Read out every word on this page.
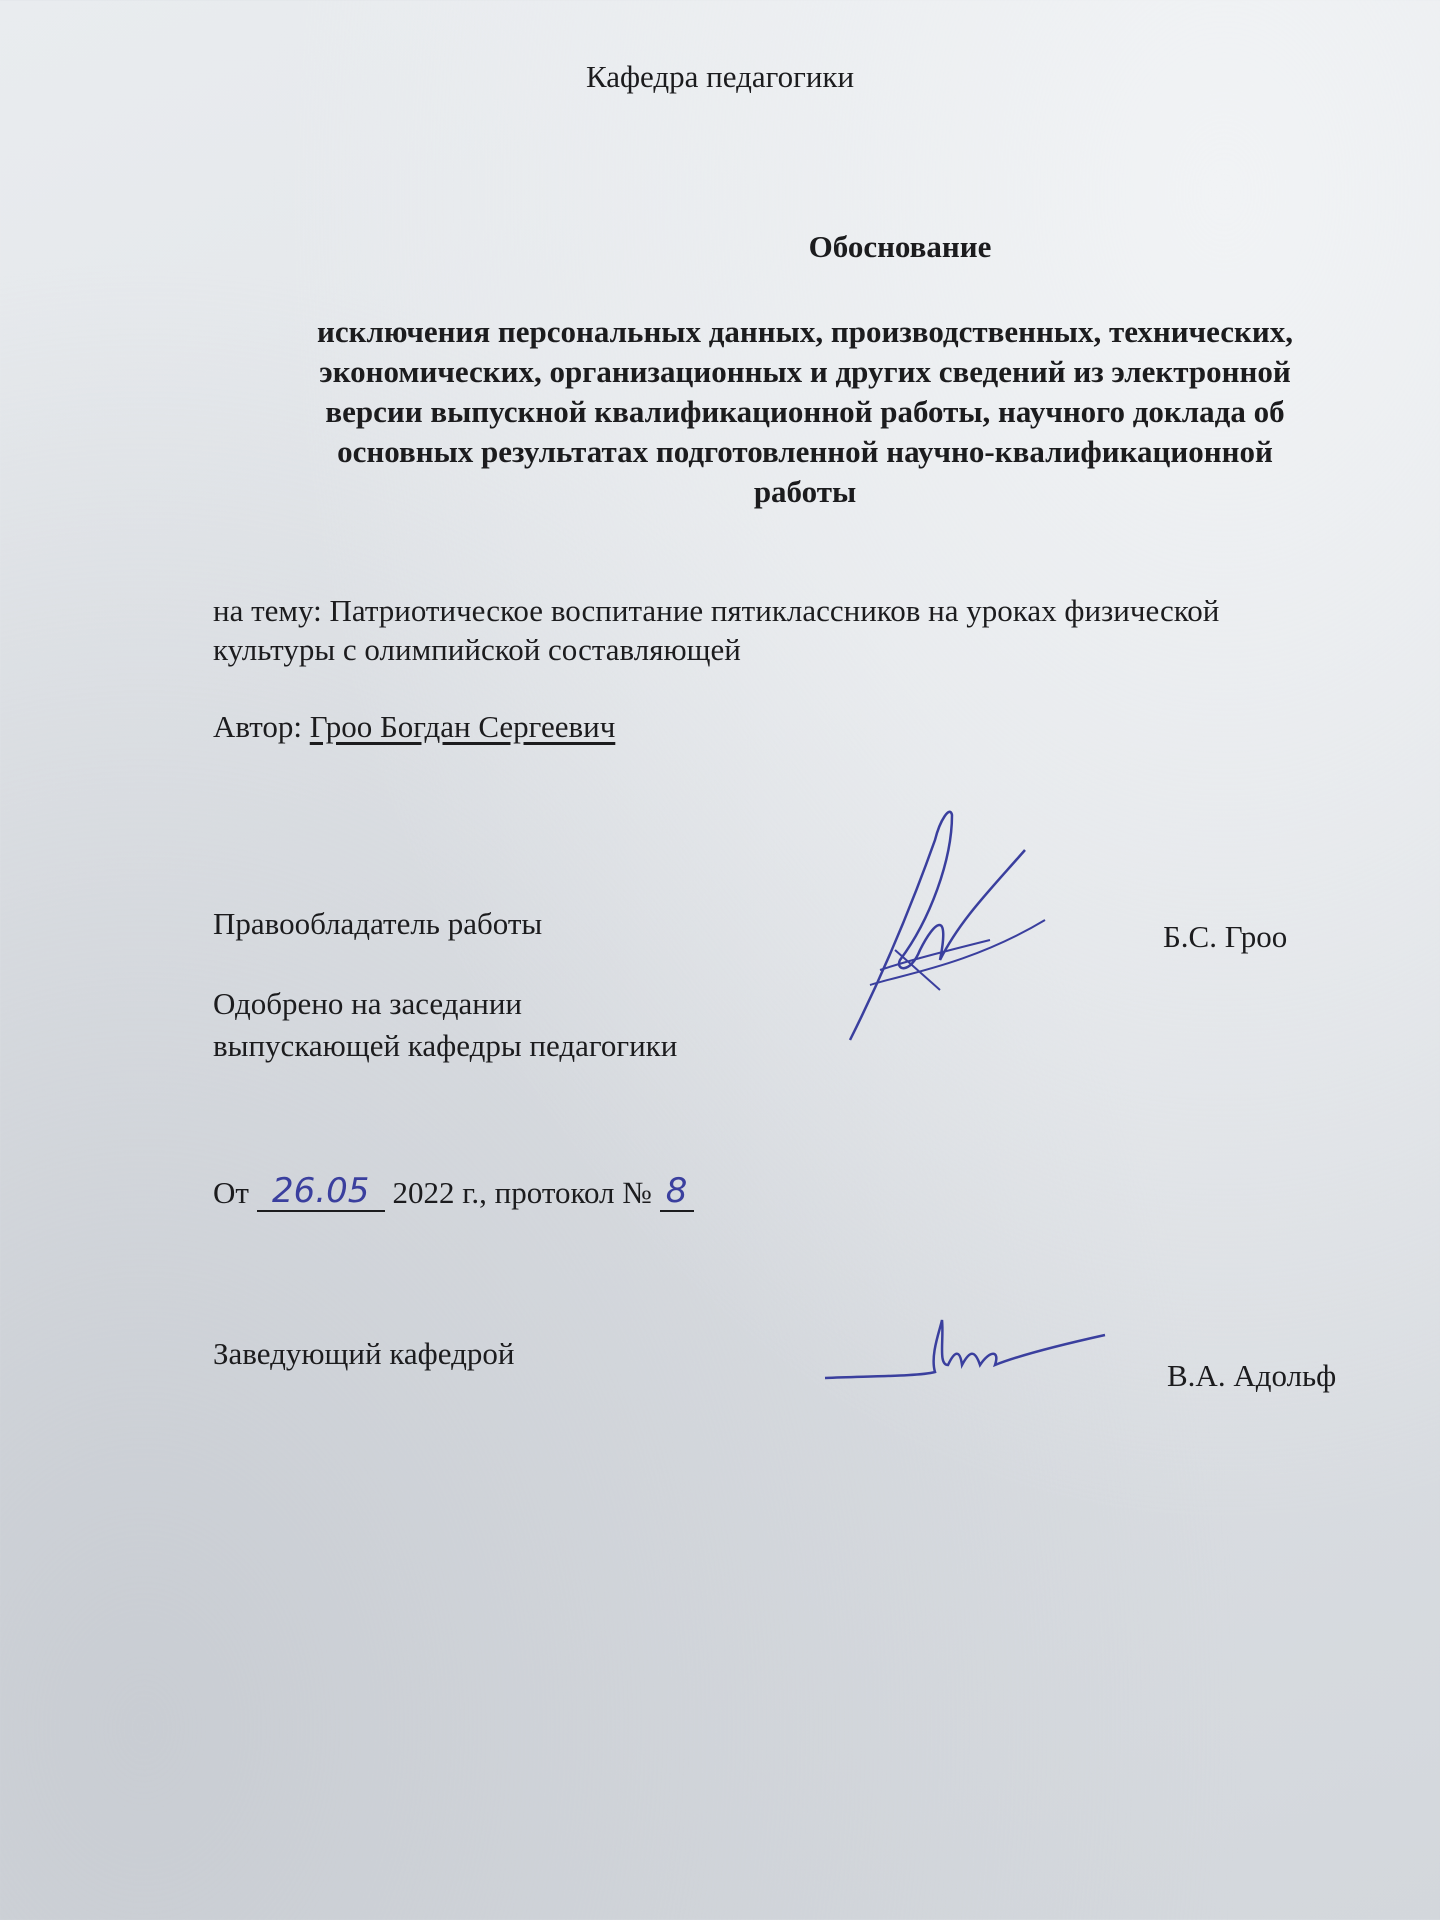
Кафедра педагогики
Обоснование
исключения персональных данных, производственных, технических,
экономических, организационных и других сведений из электронной
версии выпускной квалификационной работы, научного доклада об
основных результатах подготовленной научно-квалификационной
работы
на тему: Патриотическое воспитание пятиклассников на уроках физической
культуры с олимпийской составляющей
Автор: Гроо Богдан Сергеевич
Правообладатель работы	Б.С. Гроо
Одобрено на заседании
выпускающей кафедры педагогики
От 26.05 2022 г., протокол № 8
Заведующий кафедрой
В.А. Адольф
